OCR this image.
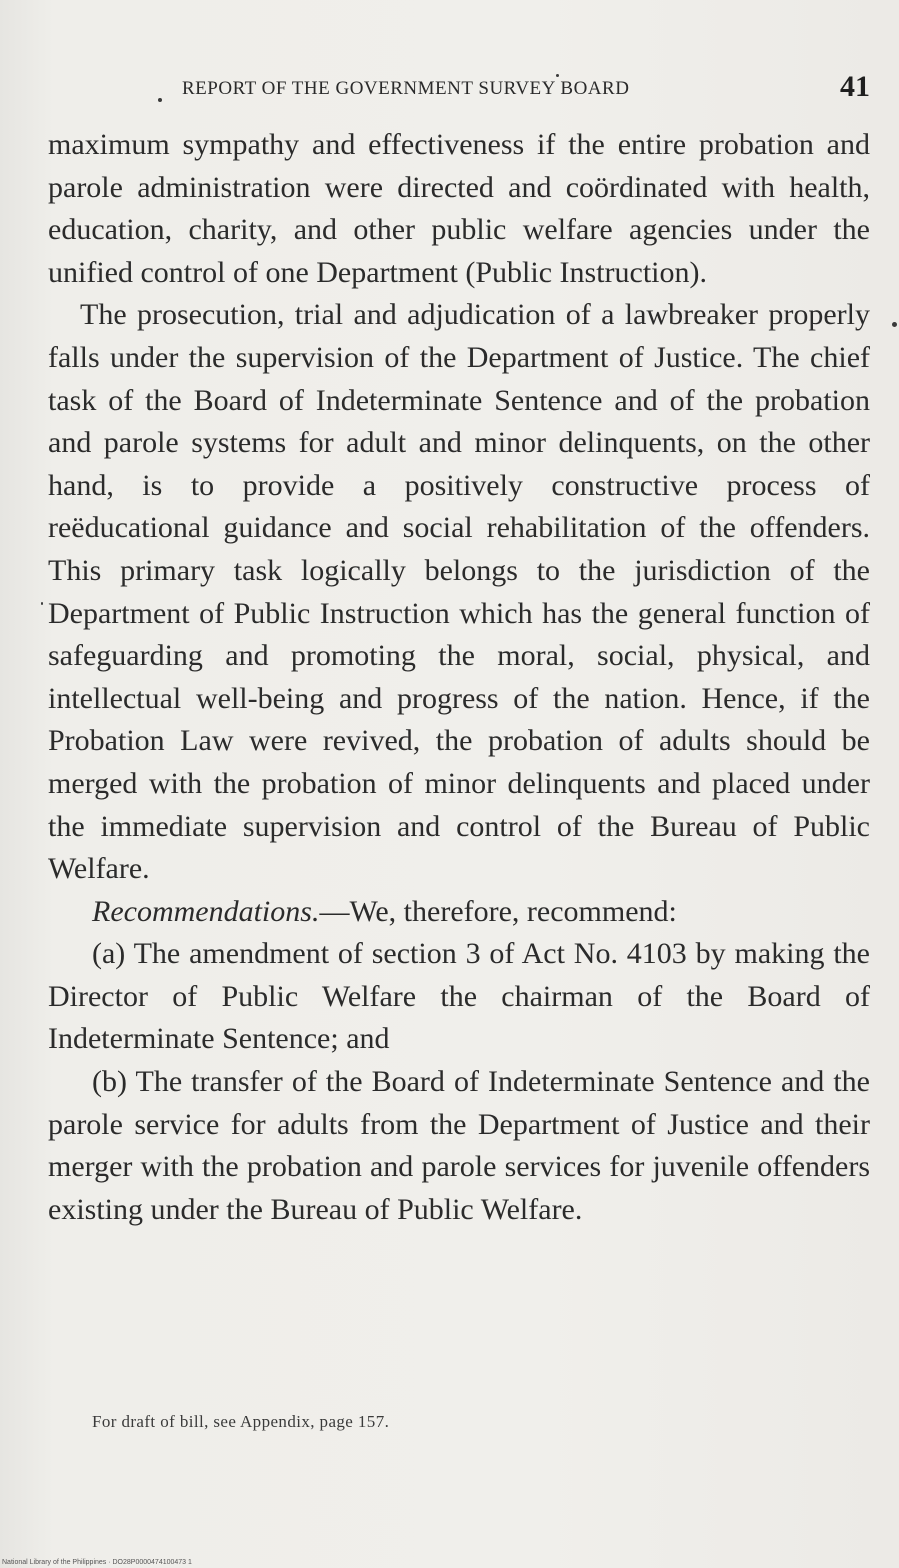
REPORT OF THE GOVERNMENT SURVEY BOARD	41

maximum sympathy and effectiveness if the entire probation and parole administration were directed and coördinated with health, education, charity, and other public welfare agencies under the unified control of one Department (Public Instruction).

The prosecution, trial and adjudication of a lawbreaker properly falls under the supervision of the Department of Justice. The chief task of the Board of Indeterminate Sentence and of the probation and parole systems for adult and minor delinquents, on the other hand, is to provide a positively constructive process of reëducational guidance and social rehabilitation of the offenders. This primary task logically belongs to the jurisdiction of the Department of Public Instruction which has the general function of safeguarding and promoting the moral, social, physical, and intellectual well-being and progress of the nation. Hence, if the Probation Law were revived, the probation of adults should be merged with the probation of minor delinquents and placed under the immediate supervision and control of the Bureau of Public Welfare.

Recommendations.—We, therefore, recommend:

(a) The amendment of section 3 of Act No. 4103 by making the Director of Public Welfare the chairman of the Board of Indeterminate Sentence; and

(b) The transfer of the Board of Indeterminate Sentence and the parole service for adults from the Department of Justice and their merger with the probation and parole services for juvenile offenders existing under the Bureau of Public Welfare.

For draft of bill, see Appendix, page 157.
National Library of the Philippines · DO28P0000474100473 1
